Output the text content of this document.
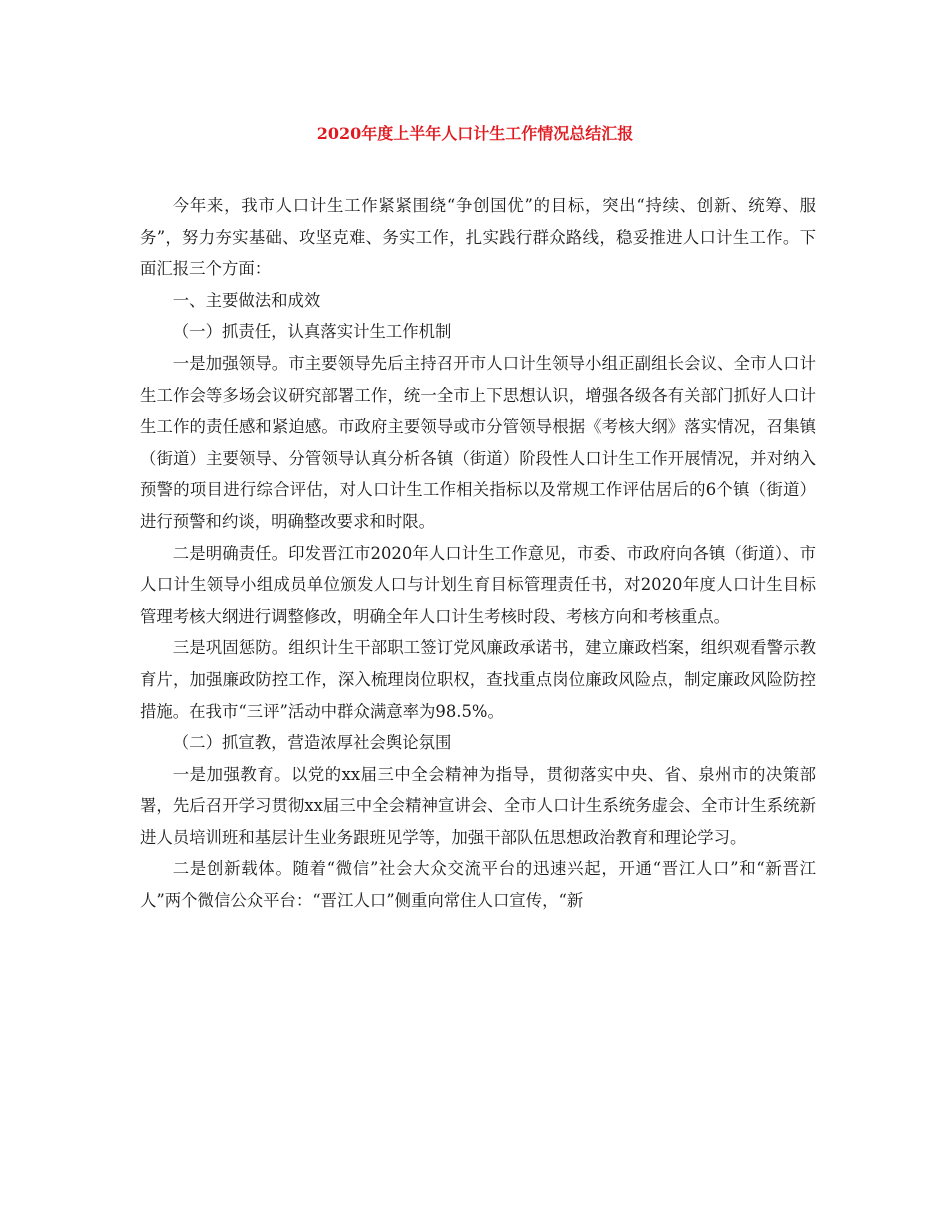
2020年度上半年人口计生工作情况总结汇报

今年来，我市人口计生工作紧紧围绕“争创国优”的目标，突出“持续、创新、统筹、服务”，努力夯实基础、攻坚克难、务实工作，扎实践行群众路线，稳妥推进人口计生工作。下面汇报三个方面：

一、主要做法和成效

（一）抓责任，认真落实计生工作机制

一是加强领导。市主要领导先后主持召开市人口计生领导小组正副组长会议、全市人口计生工作会等多场会议研究部署工作，统一全市上下思想认识，增强各级各有关部门抓好人口计生工作的责任感和紧迫感。市政府主要领导或市分管领导根据《考核大纲》落实情况，召集镇（街道）主要领导、分管领导认真分析各镇（街道）阶段性人口计生工作开展情况，并对纳入预警的项目进行综合评估，对人口计生工作相关指标以及常规工作评估居后的6个镇（街道）进行预警和约谈，明确整改要求和时限。

二是明确责任。印发晋江市2020年人口计生工作意见，市委、市政府向各镇（街道）、市人口计生领导小组成员单位颁发人口与计划生育目标管理责任书，对2020年度人口计生目标管理考核大纲进行调整修改，明确全年人口计生考核时段、考核方向和考核重点。

三是巩固惩防。组织计生干部职工签订党风廉政承诺书，建立廉政档案，组织观看警示教育片，加强廉政防控工作，深入梳理岗位职权，查找重点岗位廉政风险点，制定廉政风险防控措施。在我市“三评”活动中群众满意率为98.5%。

（二）抓宣教，营造浓厚社会舆论氛围

一是加强教育。以党的xx届三中全会精神为指导，贯彻落实中央、省、泉州市的决策部署，先后召开学习贯彻xx届三中全会精神宣讲会、全市人口计生系统务虚会、全市计生系统新进人员培训班和基层计生业务跟班见学等，加强干部队伍思想政治教育和理论学习。

二是创新载体。随着“微信”社会大众交流平台的迅速兴起，开通“晋江人口”和“新晋江人”两个微信公众平台：“晋江人口”侧重向常住人口宣传，“新
